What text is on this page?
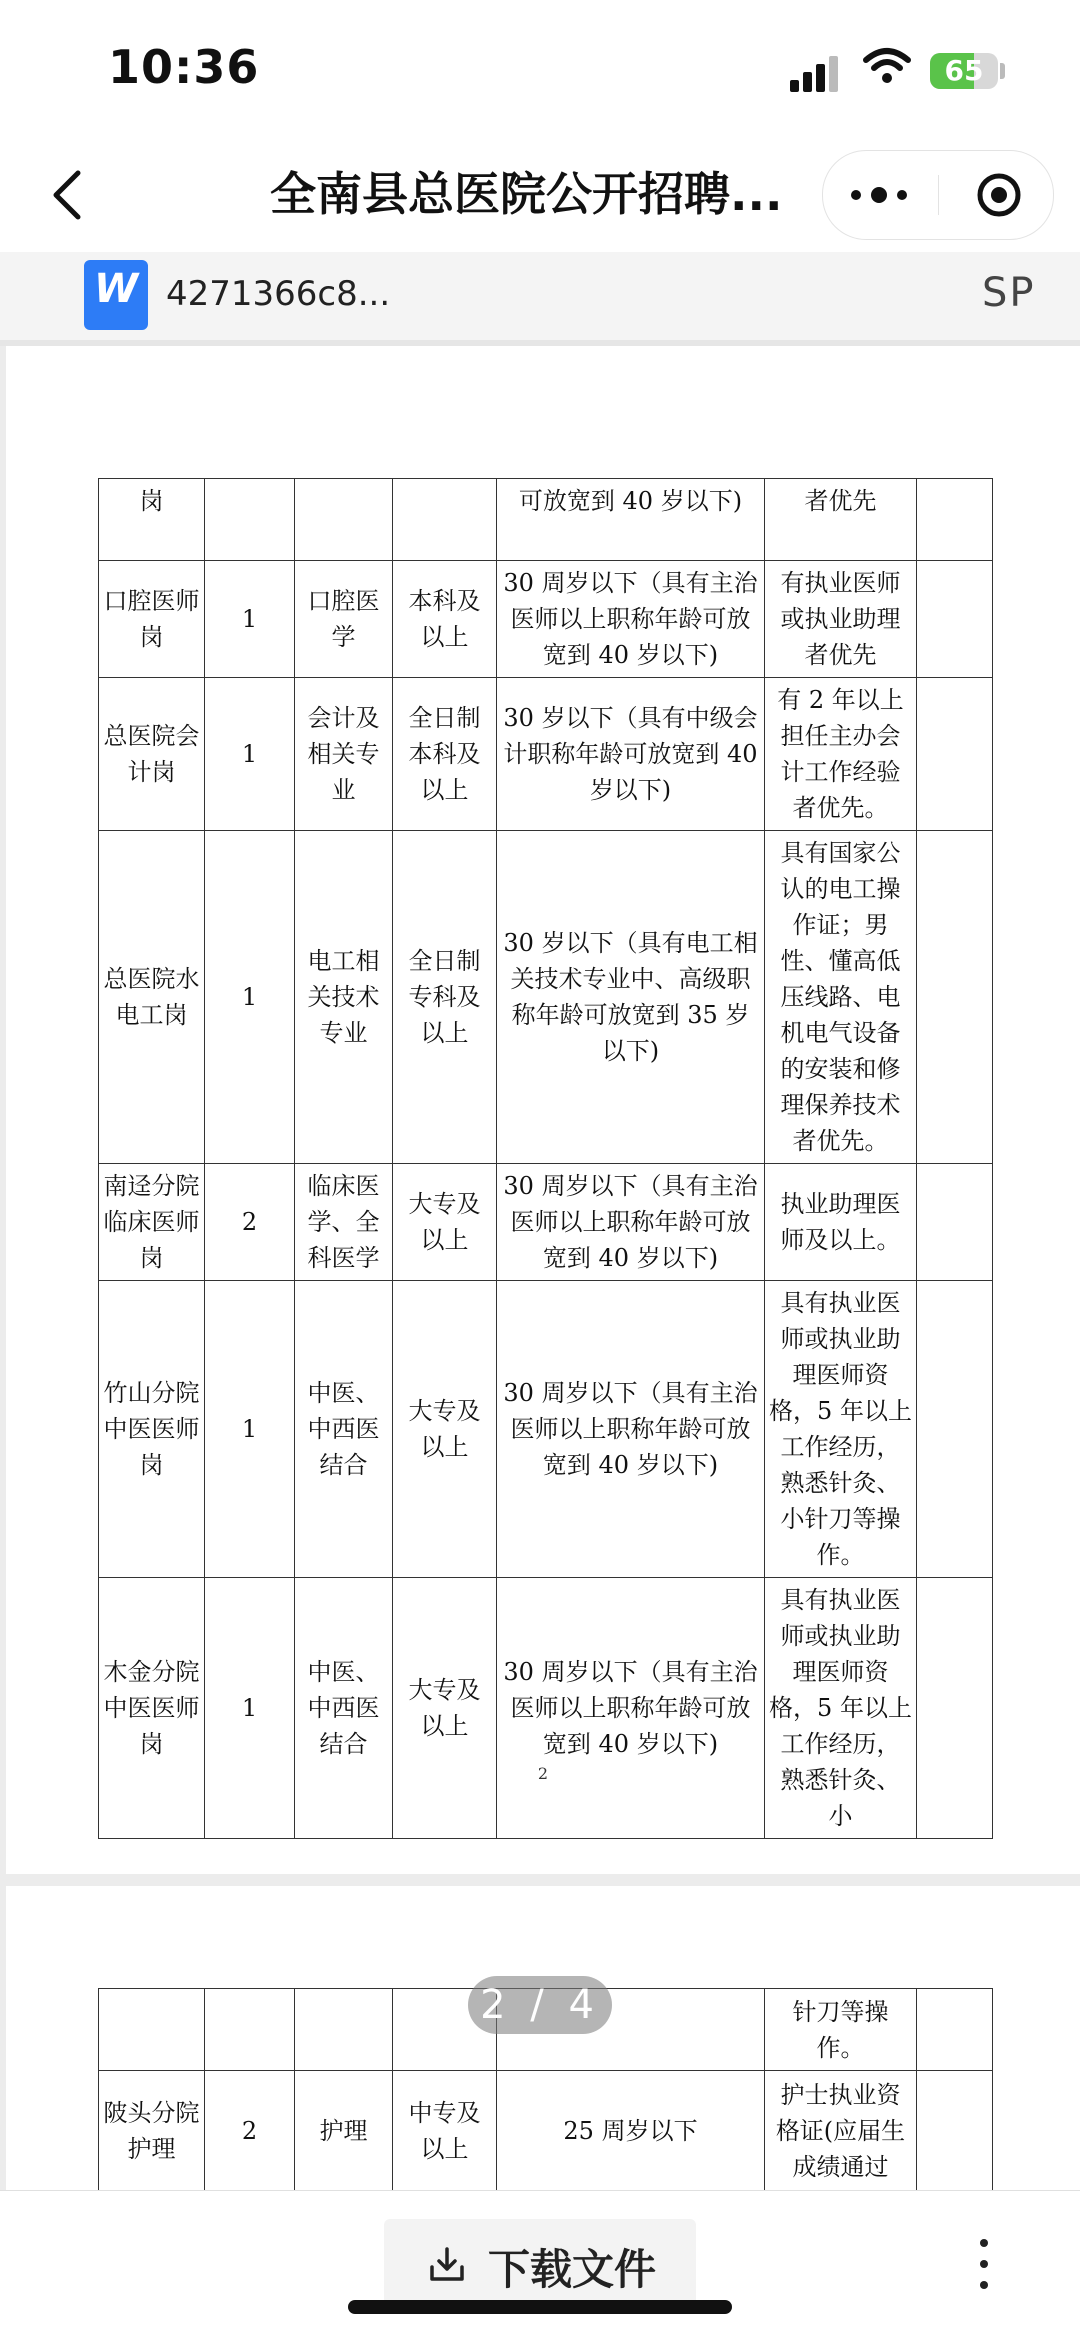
10:36	65
全南县总医院公开招聘...
W 4271366c8...	SP
岗				可放宽到 40 岁以下)	者优先	
口腔医师岗	1	口腔医学	本科及以上	30 周岁以下（具有主治医师以上职称年龄可放宽到 40 岁以下)	有执业医师或执业助理者优先	
总医院会计岗	1	会计及相关专业	全日制本科及以上	30 岁以下（具有中级会计职称年龄可放宽到 40 岁以下)	有 2 年以上担任主办会计工作经验者优先。	
总医院水电工岗	1	电工相关技术专业	全日制专科及以上	30 岁以下（具有电工相关技术专业中、高级职称年龄可放宽到 35 岁以下)	具有国家公认的电工操作证；男性、懂高低压线路、电机电气设备的安装和修理保养技术者优先。	
南迳分院临床医师岗	2	临床医学、全科医学	大专及以上	30 周岁以下（具有主治医师以上职称年龄可放宽到 40 岁以下)	执业助理医师及以上。	
竹山分院中医医师岗	1	中医、中西医结合	大专及以上	30 周岁以下（具有主治医师以上职称年龄可放宽到 40 岁以下)	具有执业医师或执业助理医师资格，5 年以上工作经历，熟悉针灸、小针刀等操作。	
木金分院中医医师岗	1	中医、中西医结合	大专及以上	30 周岁以下（具有主治医师以上职称年龄可放宽到 40 岁以下)	具有执业医师或执业助理医师资格，5 年以上工作经历，熟悉针灸、小	
2
					针刀等操作。	
陂头分院护理	2	护理	中专及以上	25 周岁以下	护士执业资格证(应届生成绩通过	
2 / 4
下载文件
